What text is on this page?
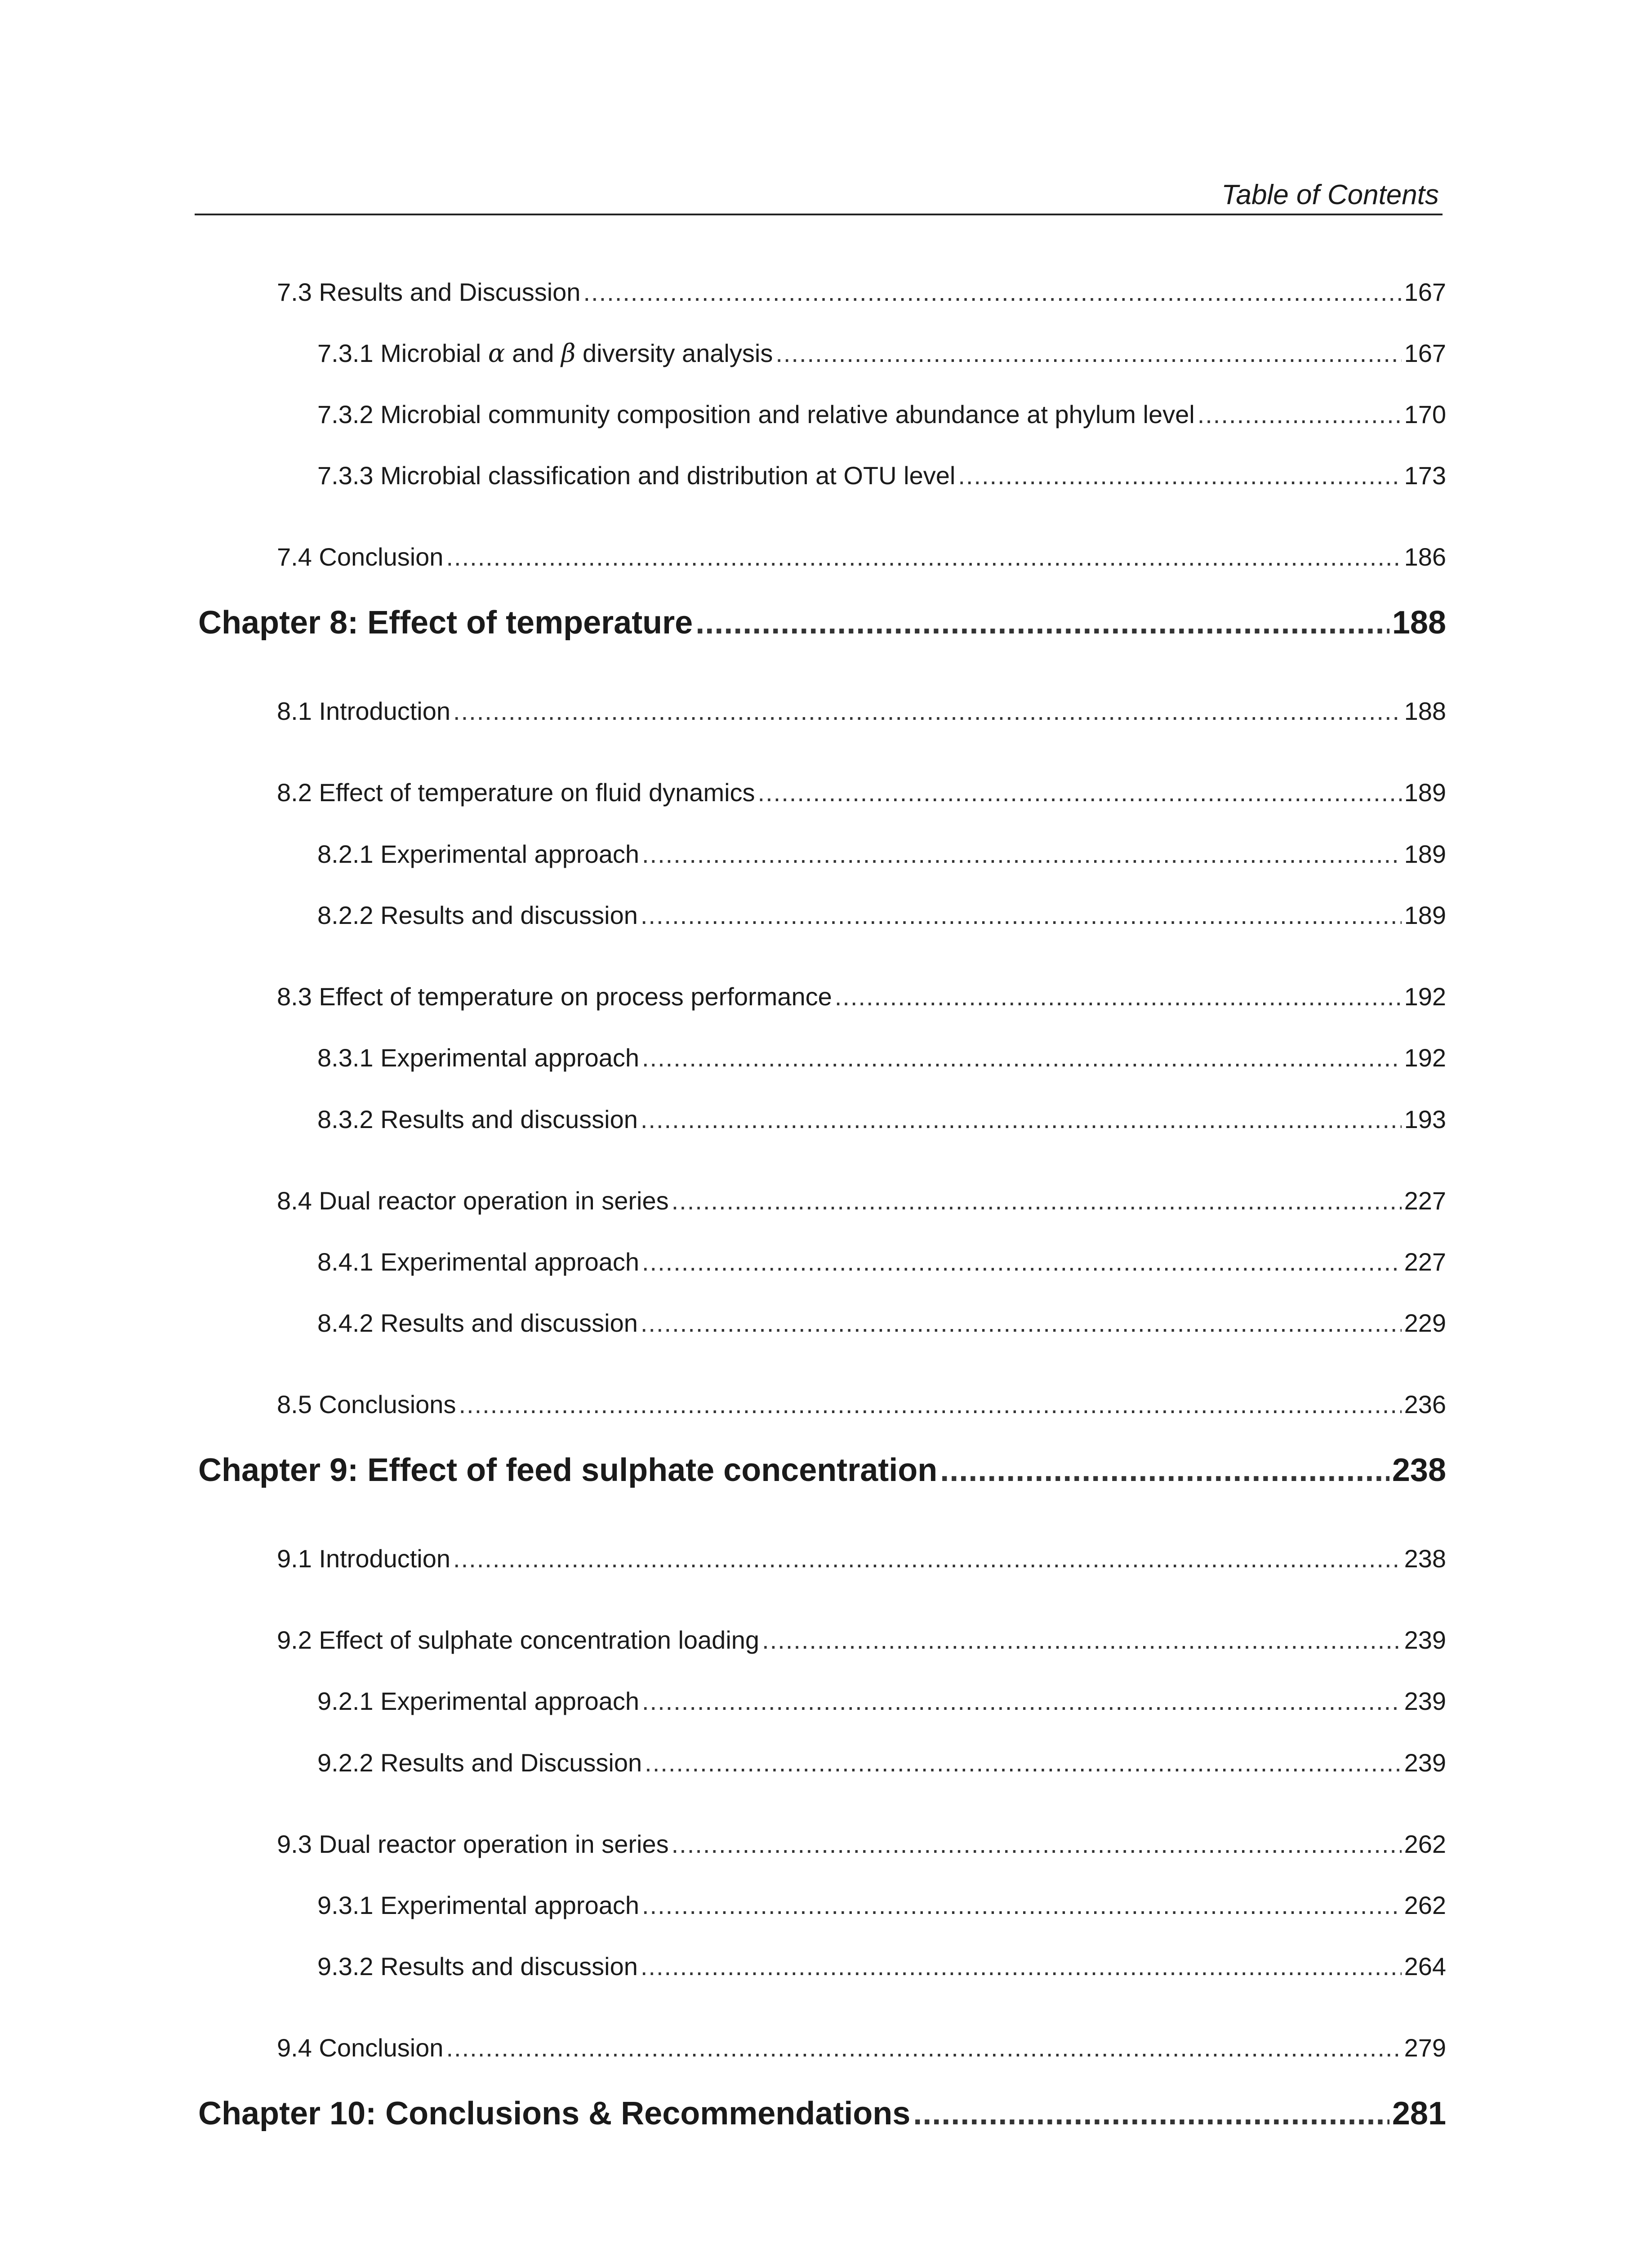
Table of Contents
7.3 Results and Discussion .....	167
7.3.1 Microbial α and β diversity analysis .....	167
7.3.2 Microbial community composition and relative abundance at phylum level .....	170
7.3.3 Microbial classification and distribution at OTU level .....	173
7.4 Conclusion .....	186
Chapter 8: Effect of temperature .....	188
8.1 Introduction .....	188
8.2 Effect of temperature on fluid dynamics .....	189
8.2.1 Experimental approach .....	189
8.2.2 Results and discussion .....	189
8.3 Effect of temperature on process performance .....	192
8.3.1 Experimental approach .....	192
8.3.2 Results and discussion .....	193
8.4 Dual reactor operation in series .....	227
8.4.1 Experimental approach .....	227
8.4.2 Results and discussion .....	229
8.5 Conclusions .....	236
Chapter 9: Effect of feed sulphate concentration .....	238
9.1 Introduction .....	238
9.2 Effect of sulphate concentration loading .....	239
9.2.1 Experimental approach .....	239
9.2.2 Results and Discussion .....	239
9.3 Dual reactor operation in series .....	262
9.3.1 Experimental approach .....	262
9.3.2 Results and discussion .....	264
9.4 Conclusion .....	279
Chapter 10: Conclusions & Recommendations .....	281
